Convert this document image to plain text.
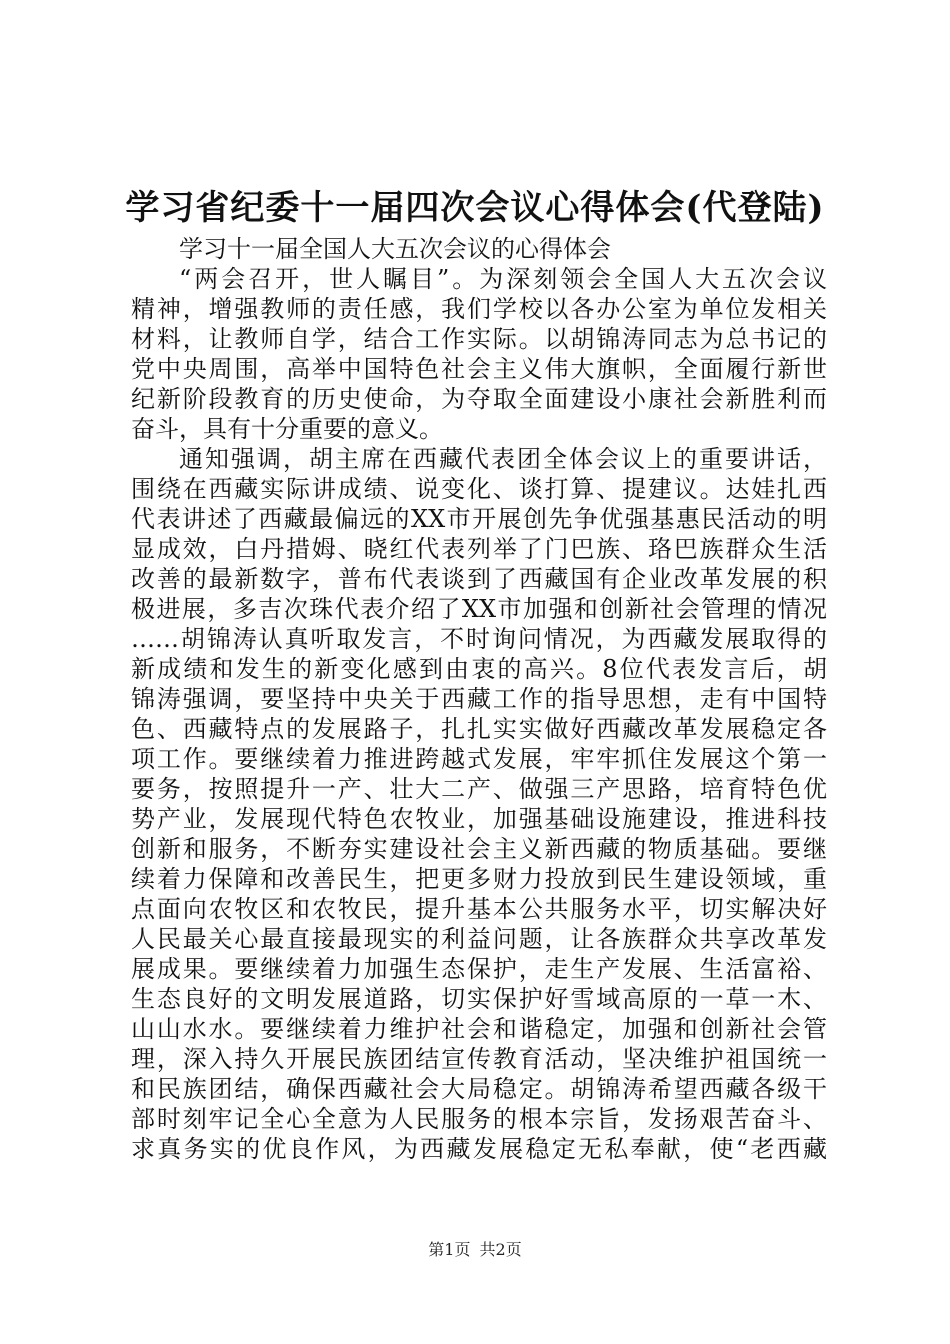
学习省纪委十一届四次会议心得体会(代登陆)
学习十一届全国人大五次会议的心得体会
“两会召开，世人瞩目”。为深刻领会全国人大五次会议
精神，增强教师的责任感，我们学校以各办公室为单位发相关
材料，让教师自学，结合工作实际。以胡锦涛同志为总书记的
党中央周围，高举中国特色社会主义伟大旗帜，全面履行新世
纪新阶段教育的历史使命，为夺取全面建设小康社会新胜利而
奋斗，具有十分重要的意义。
通知强调，胡主席在西藏代表团全体会议上的重要讲话，
围绕在西藏实际讲成绩、说变化、谈打算、提建议。达娃扎西
代表讲述了西藏最偏远的XX市开展创先争优强基惠民活动的明
显成效，白丹措姆、晓红代表列举了门巴族、珞巴族群众生活
改善的最新数字，普布代表谈到了西藏国有企业改革发展的积
极进展，多吉次珠代表介绍了XX市加强和创新社会管理的情况
……胡锦涛认真听取发言，不时询问情况，为西藏发展取得的
新成绩和发生的新变化感到由衷的高兴。8位代表发言后，胡
锦涛强调，要坚持中央关于西藏工作的指导思想，走有中国特
色、西藏特点的发展路子，扎扎实实做好西藏改革发展稳定各
项工作。要继续着力推进跨越式发展，牢牢抓住发展这个第一
要务，按照提升一产、壮大二产、做强三产思路，培育特色优
势产业，发展现代特色农牧业，加强基础设施建设，推进科技
创新和服务，不断夯实建设社会主义新西藏的物质基础。要继
续着力保障和改善民生，把更多财力投放到民生建设领域，重
点面向农牧区和农牧民，提升基本公共服务水平，切实解决好
人民最关心最直接最现实的利益问题，让各族群众共享改革发
展成果。要继续着力加强生态保护，走生产发展、生活富裕、
生态良好的文明发展道路，切实保护好雪域高原的一草一木、
山山水水。要继续着力维护社会和谐稳定，加强和创新社会管
理，深入持久开展民族团结宣传教育活动，坚决维护祖国统一
和民族团结，确保西藏社会大局稳定。胡锦涛希望西藏各级干
部时刻牢记全心全意为人民服务的根本宗旨，发扬艰苦奋斗、
求真务实的优良作风，为西藏发展稳定无私奉献，使“老西藏
第1页 共2页
